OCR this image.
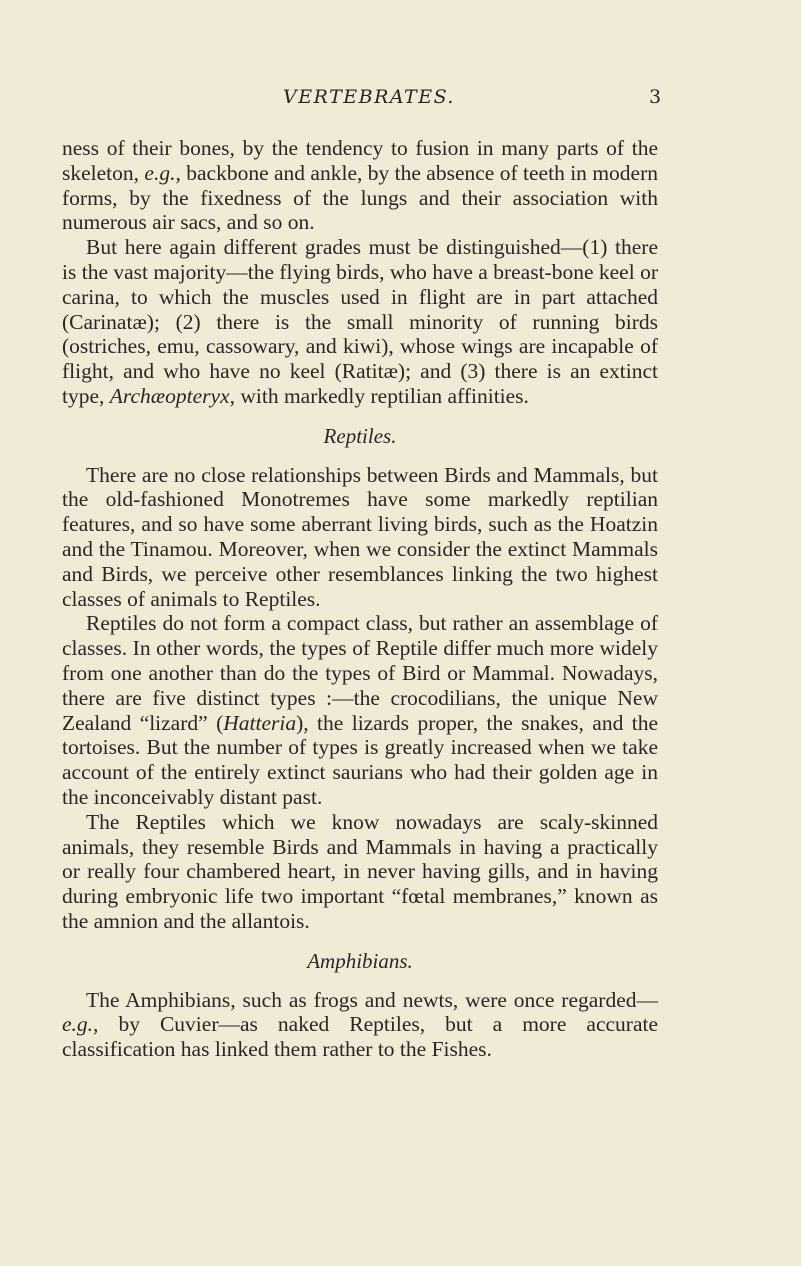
VERTEBRATES.	3

ness of their bones, by the tendency to fusion in many parts of the skeleton, e.g., backbone and ankle, by the absence of teeth in modern forms, by the fixedness of the lungs and their association with numerous air sacs, and so on.

But here again different grades must be distinguished—(1) there is the vast majority—the flying birds, who have a breast-bone keel or carina, to which the muscles used in flight are in part attached (Carinatæ); (2) there is the small minority of running birds (ostriches, emu, cassowary, and kiwi), whose wings are incapable of flight, and who have no keel (Ratitæ); and (3) there is an extinct type, Archæopteryx, with markedly reptilian affinities.

Reptiles.

There are no close relationships between Birds and Mammals, but the old-fashioned Monotremes have some markedly reptilian features, and so have some aberrant living birds, such as the Hoatzin and the Tinamou. Moreover, when we consider the extinct Mammals and Birds, we perceive other resemblances linking the two highest classes of animals to Reptiles.

Reptiles do not form a compact class, but rather an assemblage of classes. In other words, the types of Reptile differ much more widely from one another than do the types of Bird or Mammal. Nowadays, there are five distinct types :—the crocodilians, the unique New Zealand “lizard” (Hatteria), the lizards proper, the snakes, and the tortoises. But the number of types is greatly increased when we take account of the entirely extinct saurians who had their golden age in the inconceivably distant past.

The Reptiles which we know nowadays are scaly-skinned animals, they resemble Birds and Mammals in having a practically or really four chambered heart, in never having gills, and in having during embryonic life two important “fœtal membranes,” known as the amnion and the allantois.

Amphibians.

The Amphibians, such as frogs and newts, were once regarded—e.g., by Cuvier—as naked Reptiles, but a more accurate classification has linked them rather to the Fishes.
